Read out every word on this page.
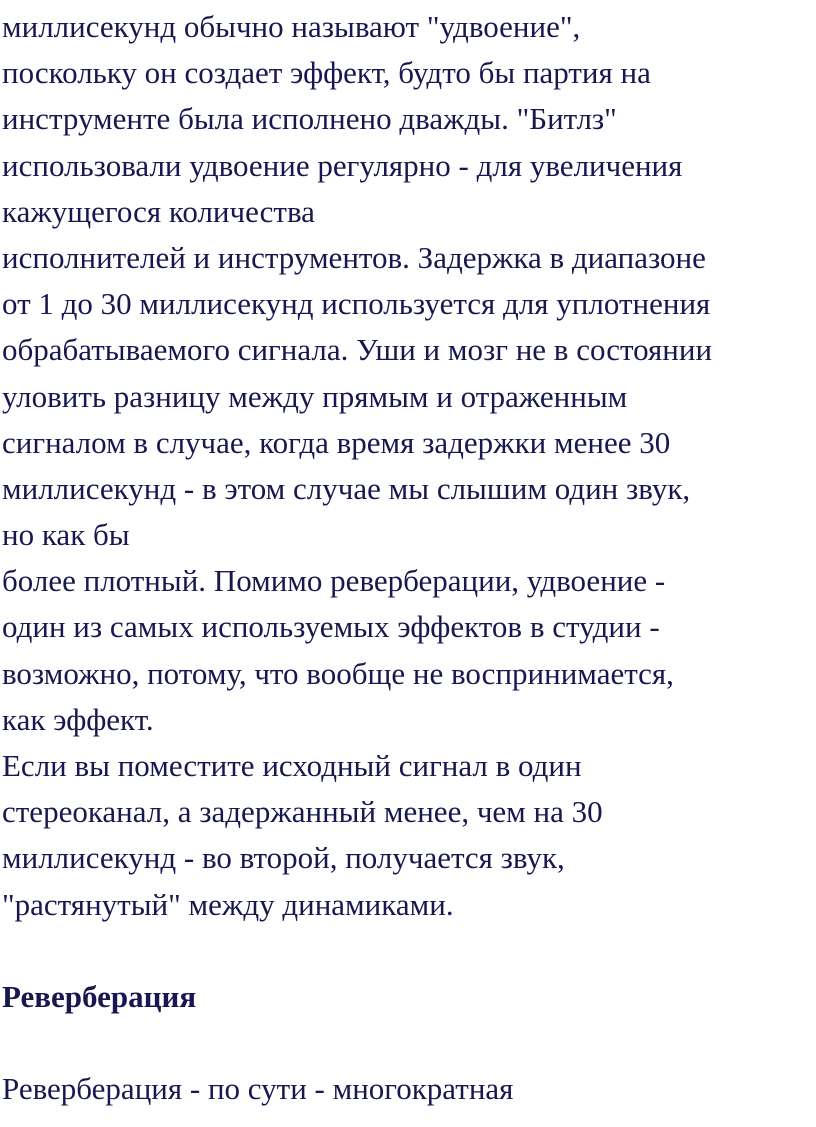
миллисекунд обычно называют "удвоение",
поскольку он создает эффект, будто бы партия на
инструменте была исполнено дважды. "Битлз"
использовали удвоение регулярно - для увеличения
кажущегося количества
исполнителей и инструментов. Задержка в диапазоне
от 1 до 30 миллисекунд используется для уплотнения
обрабатываемого сигнала. Уши и мозг не в состоянии
уловить разницу между прямым и отраженным
сигналом в случае, когда время задержки менее 30
миллисекунд - в этом случае мы слышим один звук,
но как бы
более плотный. Помимо реверберации, удвоение -
один из самых используемых эффектов в студии -
возможно, потому, что вообще не воспринимается,
как эффект.
Если вы поместите исходный сигнал в один
стереоканал, а задержанный менее, чем на 30
миллисекунд - во второй, получается звук,
"растянутый" между динамиками.
Реверберация
Реверберация - по сути - многократная
